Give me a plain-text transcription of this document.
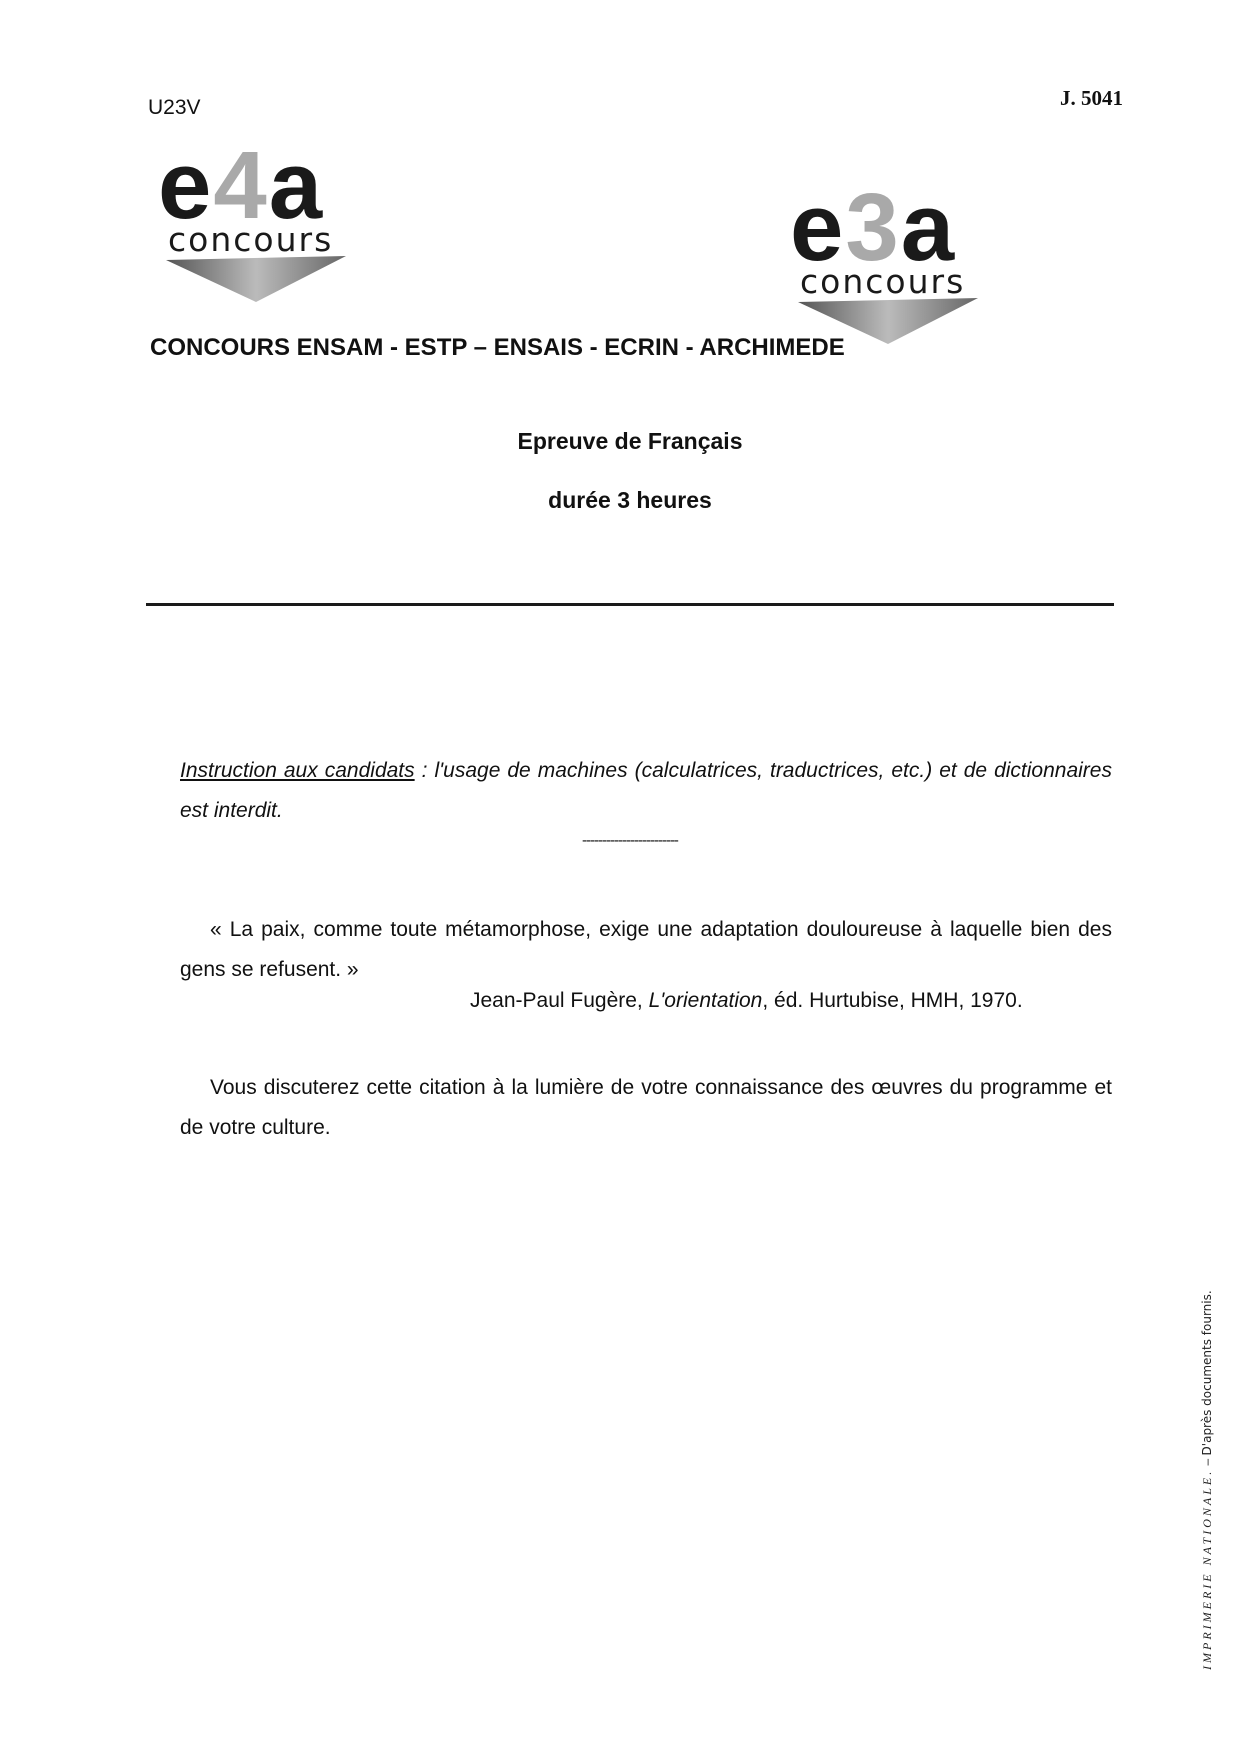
U23V	J. 5041
e4a
concours	e3a
concours
CONCOURS ENSAM - ESTP – ENSAIS - ECRIN - ARCHIMEDE
Epreuve de Français
durée 3 heures
Instruction aux candidats : l'usage de machines (calculatrices, traductrices, etc.) et de dictionnaires est interdit.
------------------------
« La paix, comme toute métamorphose, exige une adaptation douloureuse à laquelle bien des gens se refusent. »
Jean-Paul Fugère, L'orientation, éd. Hurtubise, HMH, 1970.
Vous discuterez cette citation à la lumière de votre connaissance des œuvres du programme et de votre culture.
IMPRIMERIE NATIONALE. – D'après documents fournis.
